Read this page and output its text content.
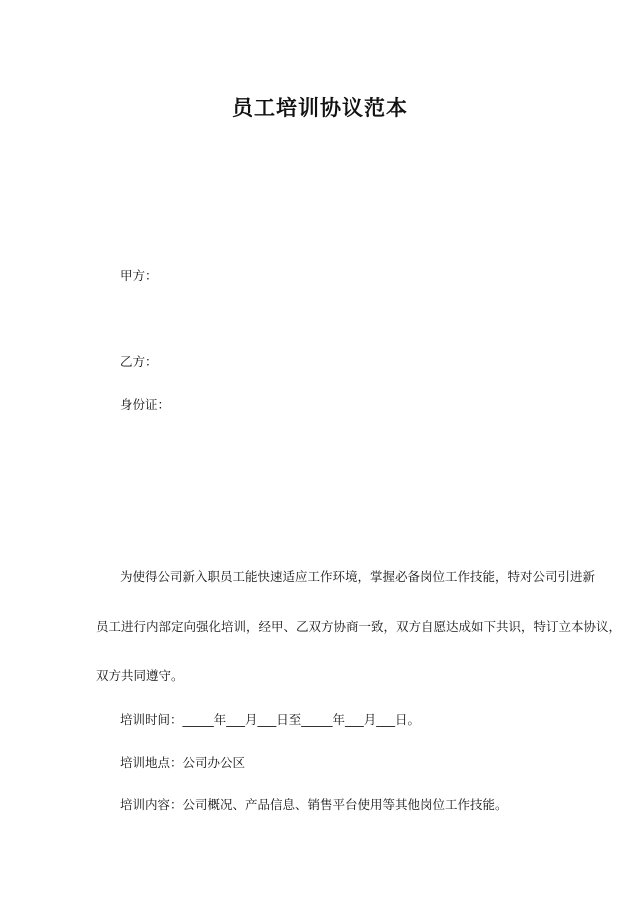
员工培训协议范本
甲方：
乙方：
身份证：
为使得公司新入职员工能快速适应工作环境，掌握必备岗位工作技能，特对公司引进新
员工进行内部定向强化培训，经甲、乙双方协商一致，双方自愿达成如下共识，特订立本协议，
双方共同遵守。
培训时间：_____年___月___日至_____年___月___日。
培训地点：公司办公区
培训内容：公司概况、产品信息、销售平台使用等其他岗位工作技能。
